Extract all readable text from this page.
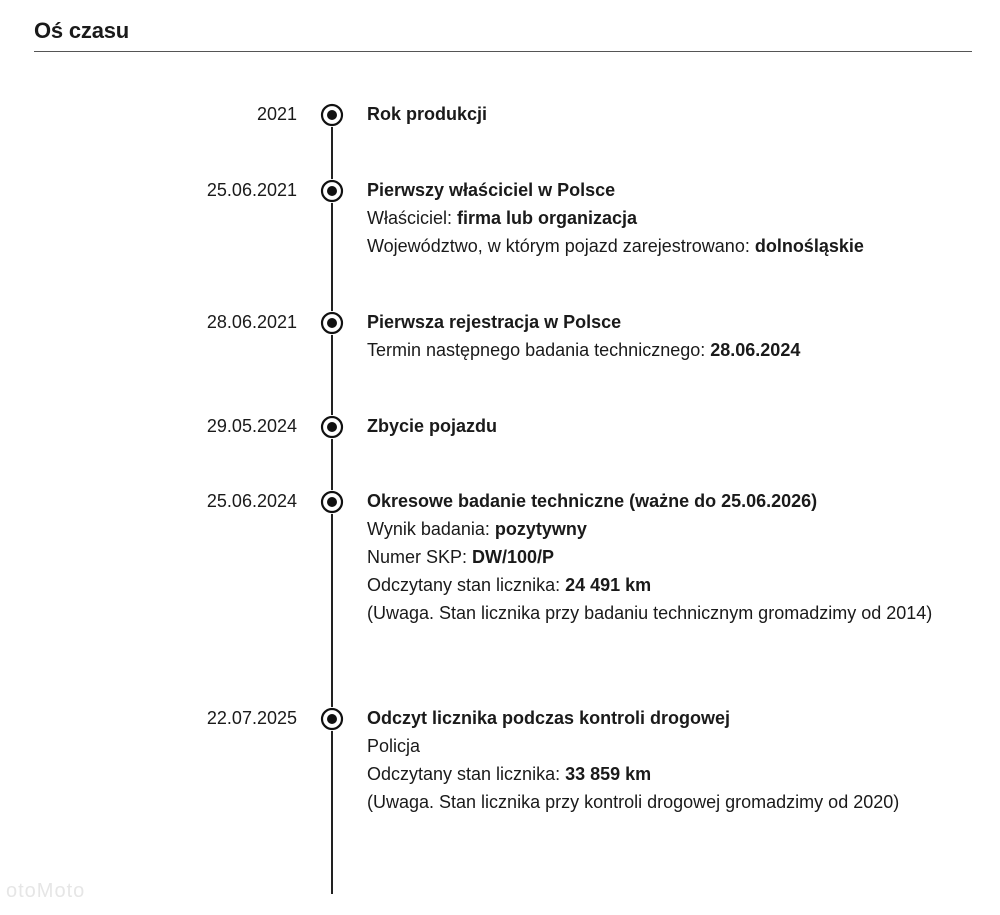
Oś czasu
2021	Rok produkcji
25.06.2021	Pierwszy właściciel w Polsce
Właściciel: firma lub organizacja
Województwo, w którym pojazd zarejestrowano: dolnośląskie
28.06.2021	Pierwsza rejestracja w Polsce
Termin następnego badania technicznego: 28.06.2024
29.05.2024	Zbycie pojazdu
25.06.2024	Okresowe badanie techniczne (ważne do 25.06.2026)
Wynik badania: pozytywny
Numer SKP: DW/100/P
Odczytany stan licznika: 24 491 km
(Uwaga. Stan licznika przy badaniu technicznym gromadzimy od 2014)
22.07.2025	Odczyt licznika podczas kontroli drogowej
Policja
Odczytany stan licznika: 33 859 km
(Uwaga. Stan licznika przy kontroli drogowej gromadzimy od 2020)
otoMoto
